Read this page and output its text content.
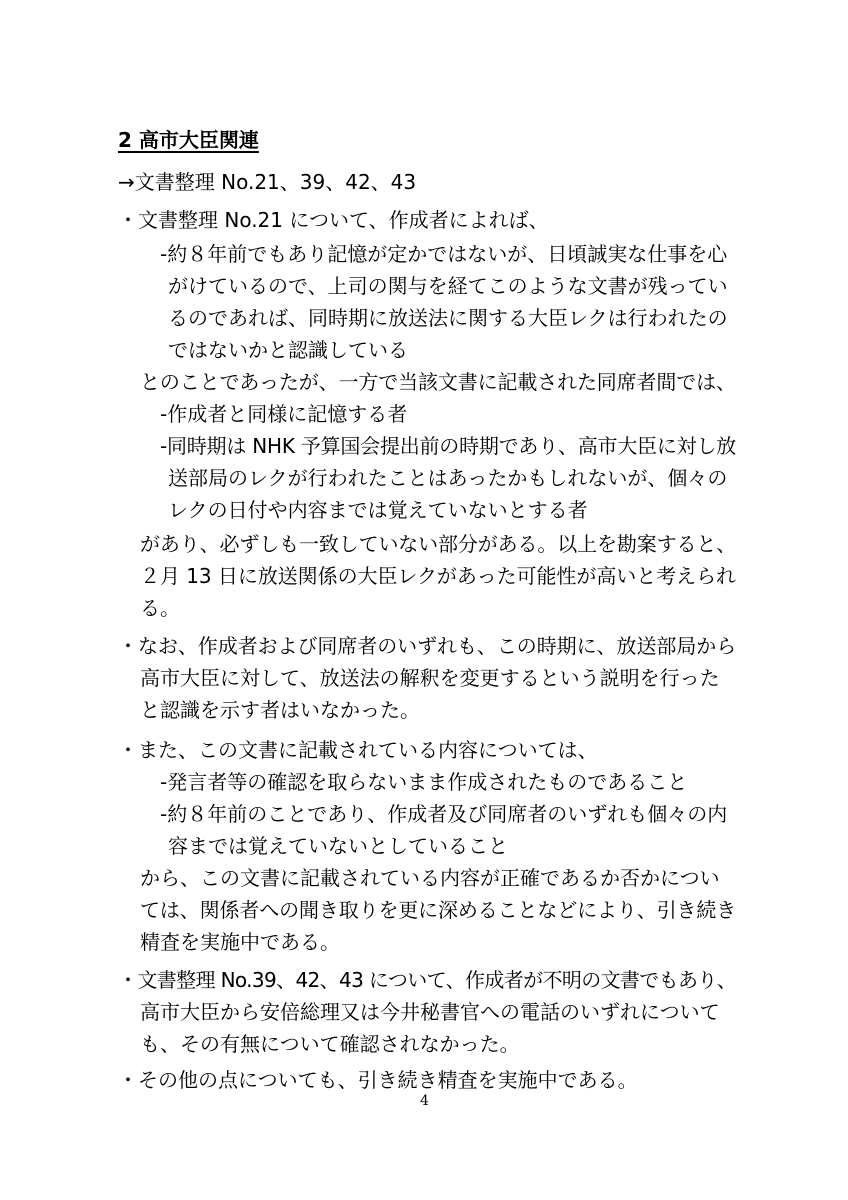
2 高市大臣関連
→文書整理 No.21、39、42、43
・文書整理 No.21 について、作成者によれば、
-約８年前でもあり記憶が定かではないが、日頃誠実な仕事を心
がけているので、上司の関与を経てこのような文書が残ってい
るのであれば、同時期に放送法に関する大臣レクは行われたの
ではないかと認識している
とのことであったが、一方で当該文書に記載された同席者間では、
-作成者と同様に記憶する者
-同時期は NHK 予算国会提出前の時期であり、高市大臣に対し放
送部局のレクが行われたことはあったかもしれないが、個々の
レクの日付や内容までは覚えていないとする者
があり、必ずしも一致していない部分がある。以上を勘案すると、
２月 13 日に放送関係の大臣レクがあった可能性が高いと考えられ
る。
・なお、作成者および同席者のいずれも、この時期に、放送部局から
高市大臣に対して、放送法の解釈を変更するという説明を行った
と認識を示す者はいなかった。
・また、この文書に記載されている内容については、
-発言者等の確認を取らないまま作成されたものであること
-約８年前のことであり、作成者及び同席者のいずれも個々の内
容までは覚えていないとしていること
から、この文書に記載されている内容が正確であるか否かについ
ては、関係者への聞き取りを更に深めることなどにより、引き続き
精査を実施中である。
・文書整理 No.39、42、43 について、作成者が不明の文書でもあり、
高市大臣から安倍総理又は今井秘書官への電話のいずれについて
も、その有無について確認されなかった。
・その他の点についても、引き続き精査を実施中である。
4
